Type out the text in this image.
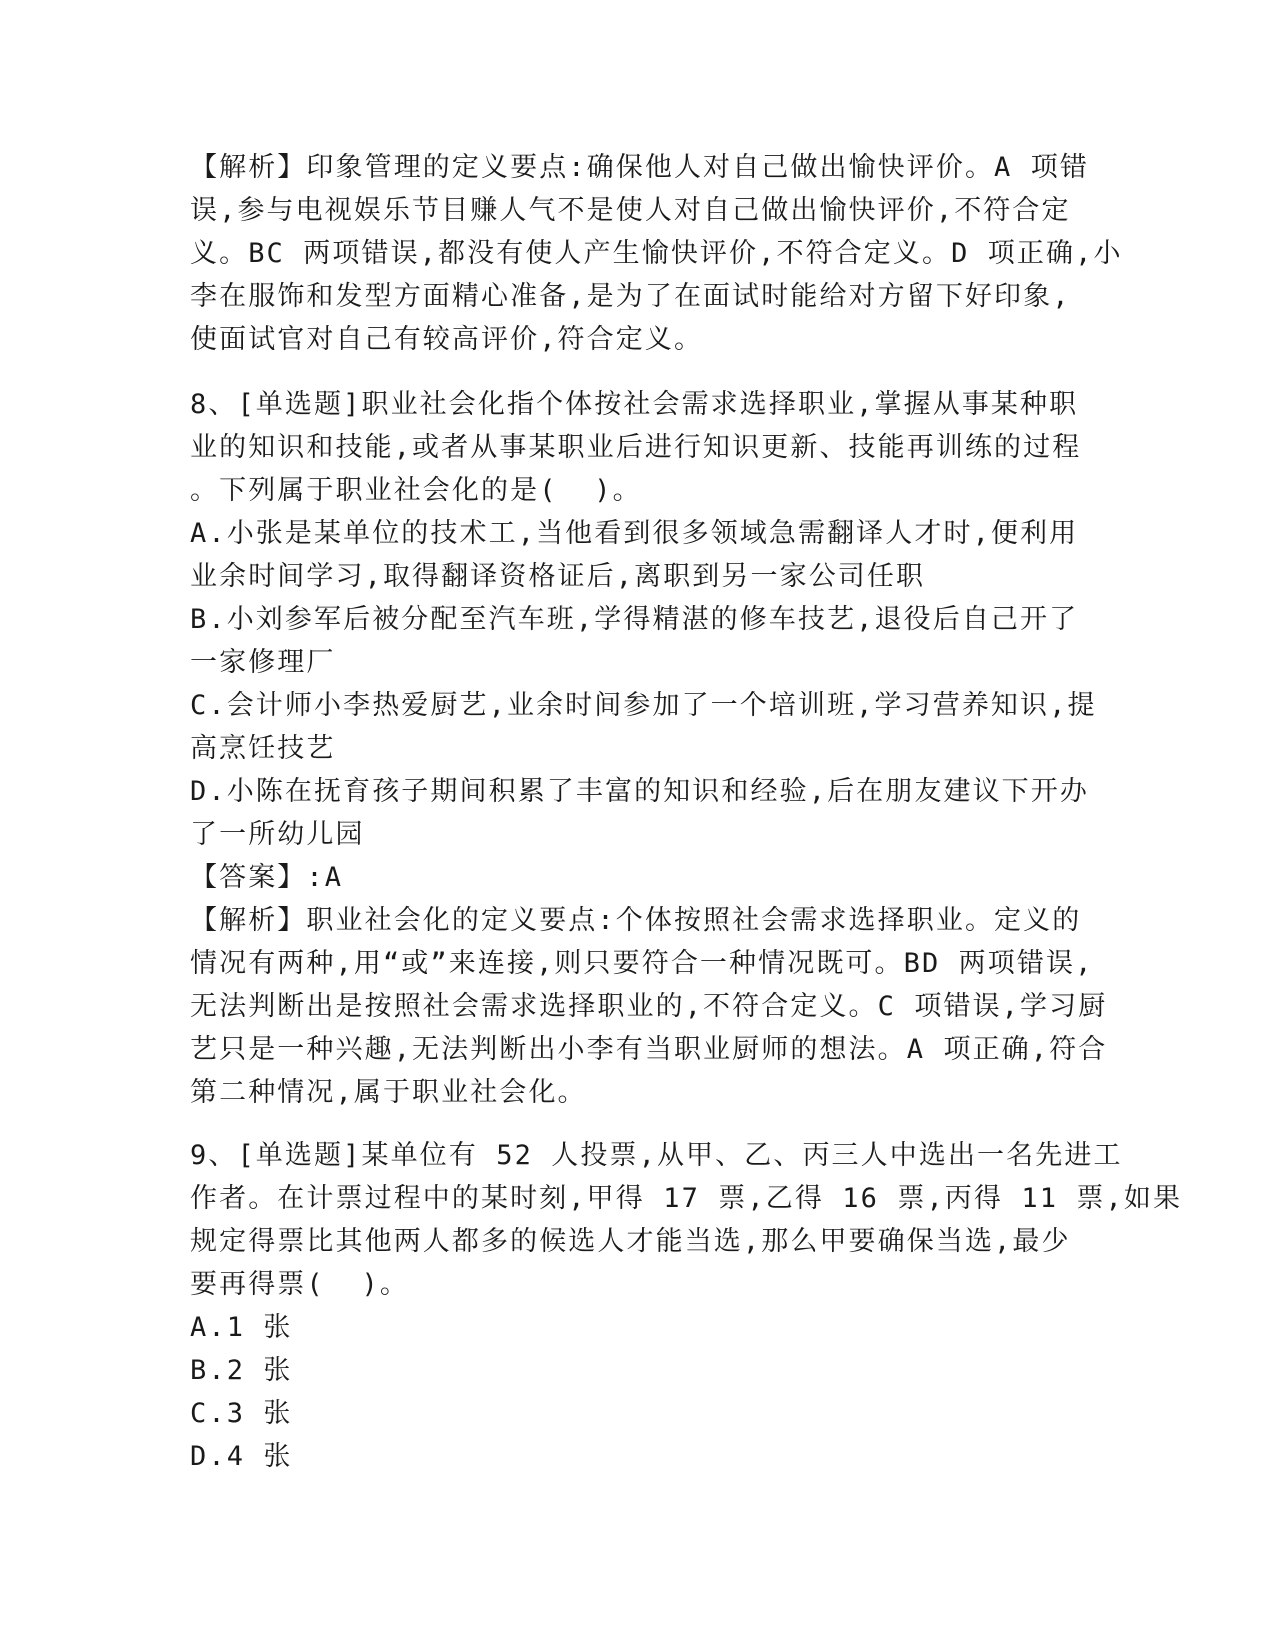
【解析】印象管理的定义要点:确保他人对自己做出愉快评价。A 项错
误,参与电视娱乐节目赚人气不是使人对自己做出愉快评价,不符合定
义。BC 两项错误,都没有使人产生愉快评价,不符合定义。D 项正确,小
李在服饰和发型方面精心准备,是为了在面试时能给对方留下好印象,
使面试官对自己有较高评价,符合定义。
8、[单选题]职业社会化指个体按社会需求选择职业,掌握从事某种职
业的知识和技能,或者从事某职业后进行知识更新、技能再训练的过程
。下列属于职业社会化的是(  )。
A.小张是某单位的技术工,当他看到很多领域急需翻译人才时,便利用
业余时间学习,取得翻译资格证后,离职到另一家公司任职
B.小刘参军后被分配至汽车班,学得精湛的修车技艺,退役后自己开了
一家修理厂
C.会计师小李热爱厨艺,业余时间参加了一个培训班,学习营养知识,提
高烹饪技艺
D.小陈在抚育孩子期间积累了丰富的知识和经验,后在朋友建议下开办
了一所幼儿园
【答案】:A
【解析】职业社会化的定义要点:个体按照社会需求选择职业。定义的
情况有两种,用“或”来连接,则只要符合一种情况既可。BD 两项错误,
无法判断出是按照社会需求选择职业的,不符合定义。C 项错误,学习厨
艺只是一种兴趣,无法判断出小李有当职业厨师的想法。A 项正确,符合
第二种情况,属于职业社会化。
9、[单选题]某单位有 52 人投票,从甲、乙、丙三人中选出一名先进工
作者。在计票过程中的某时刻,甲得 17 票,乙得 16 票,丙得 11 票,如果
规定得票比其他两人都多的候选人才能当选,那么甲要确保当选,最少
要再得票(  )。
A.1 张
B.2 张
C.3 张
D.4 张
